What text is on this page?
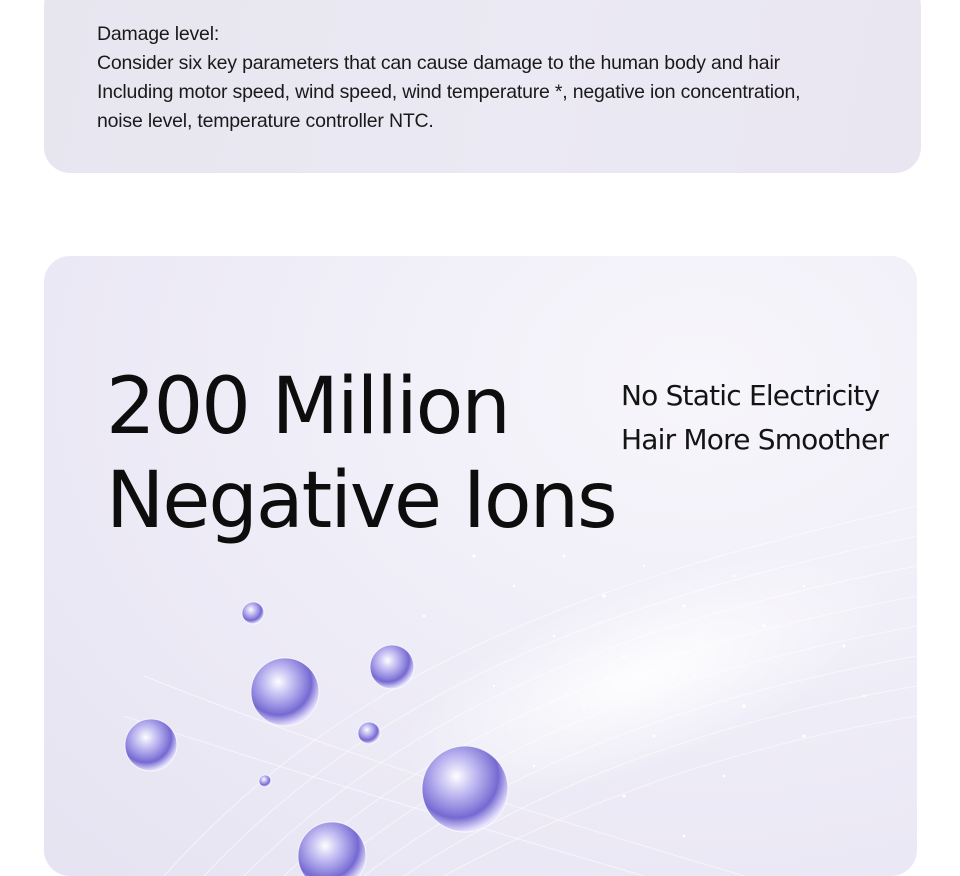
Damage level:
Consider six key parameters that can cause damage to the human body and hair
Including motor speed, wind speed, wind temperature *, negative ion concentration,
noise level, temperature controller NTC.
200 Million
Negative Ions
No Static Electricity
Hair More Smoother
